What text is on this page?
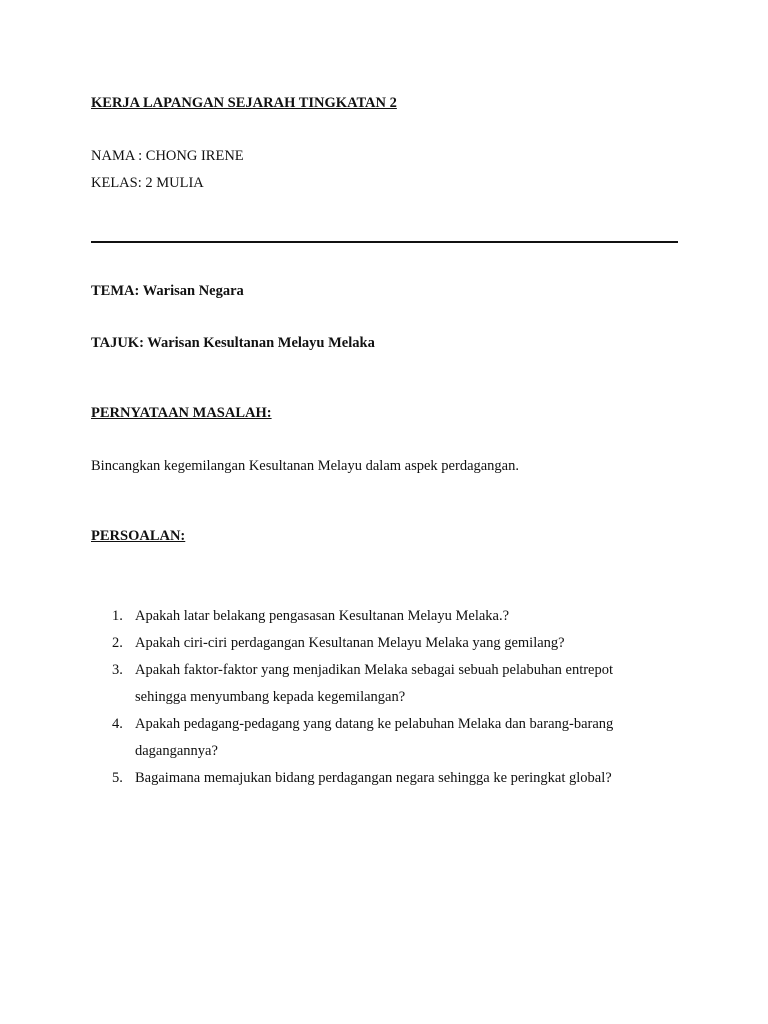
KERJA LAPANGAN SEJARAH TINGKATAN 2
NAMA : CHONG IRENE
KELAS: 2 MULIA
TEMA: Warisan Negara
TAJUK: Warisan Kesultanan Melayu Melaka
PERNYATAAN MASALAH:
Bincangkan kegemilangan Kesultanan Melayu dalam aspek perdagangan.
PERSOALAN:
1. Apakah latar belakang pengasasan Kesultanan Melayu Melaka.?
2. Apakah ciri-ciri perdagangan Kesultanan Melayu Melaka yang gemilang?
3. Apakah faktor-faktor yang menjadikan Melaka sebagai sebuah pelabuhan entrepot
sehingga menyumbang kepada kegemilangan?
4. Apakah pedagang-pedagang yang datang ke pelabuhan Melaka dan barang-barang
dagangannya?
5. Bagaimana memajukan bidang perdagangan negara sehingga ke peringkat global?
